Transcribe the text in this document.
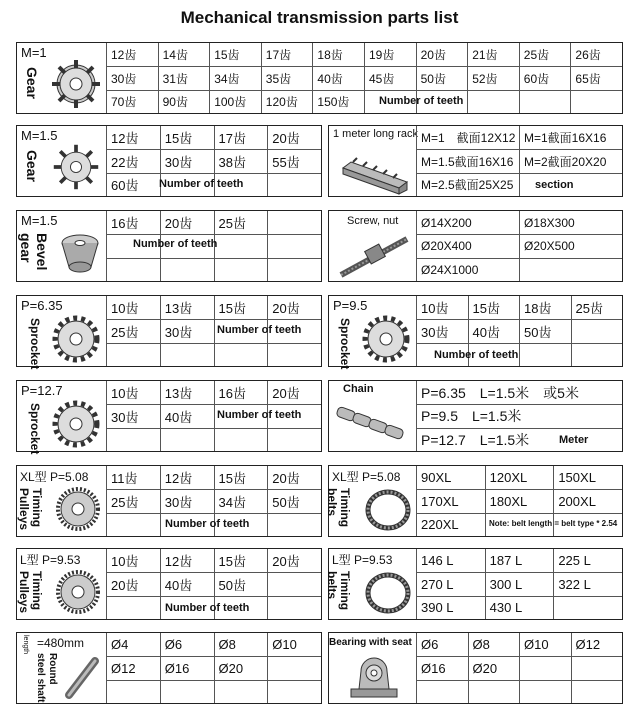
Mechanical transmission parts list
M=1
Gear
12齿	14齿	15齿	17齿	18齿	19齿	20齿	21齿	25齿	26齿
30齿	31齿	34齿	35齿	40齿	45齿	50齿	52齿	60齿	65齿
70齿	90齿	100齿	120齿	150齿	Number of teeth
M=1.5
Gear
12齿	15齿	17齿	20齿
22齿	30齿	38齿	55齿
60齿	Number of teeth
1 meter long rack M=1　截面12X12 M=1截面16X16
M=1.5截面16X16 M=2截面20X20
M=2.5截面25X25	section
M=1.5
Bevel
gear
16齿	20齿	25齿
Number of teeth
Screw, nut	Ø14X200	Ø18X300
Ø20X400	Ø20X500
Ø24X1000
P=6.35
Sprocket
10齿	13齿	15齿	20齿
25齿	30齿	Number of teeth
P=9.5
Sprocket
10齿	15齿	18齿	25齿
30齿	40齿	50齿
Number of teeth
P=12.7
Sprocket
10齿	13齿	16齿	20齿
30齿	40齿	Number of teeth
Chain	P=6.35　L=1.5米　或5米
P=9.5　L=1.5米
P=12.7　L=1.5米	Meter
XL型 P=5.08
Timing
Pulleys
11齿	12齿	15齿	20齿
25齿	30齿	34齿	50齿
Number of teeth
XL型 P=5.08
Timing
belts
90XL	120XL	150XL
170XL	180XL	200XL
220XL	Note: belt length = belt type * 2.54
L型 P=9.53
Timing
Pulleys
10齿	12齿	15齿	20齿
20齿	40齿	50齿
Number of teeth
L型 P=9.53
Timing
belts
146 L	187 L	225 L
270 L	300 L	322 L
390 L	430 L
=480mm
length
Round
steel shaft
Ø4	Ø6	Ø8	Ø10
Ø12	Ø16	Ø20
Bearing with seat Ø6	Ø8	Ø10	Ø12
Ø16	Ø20
